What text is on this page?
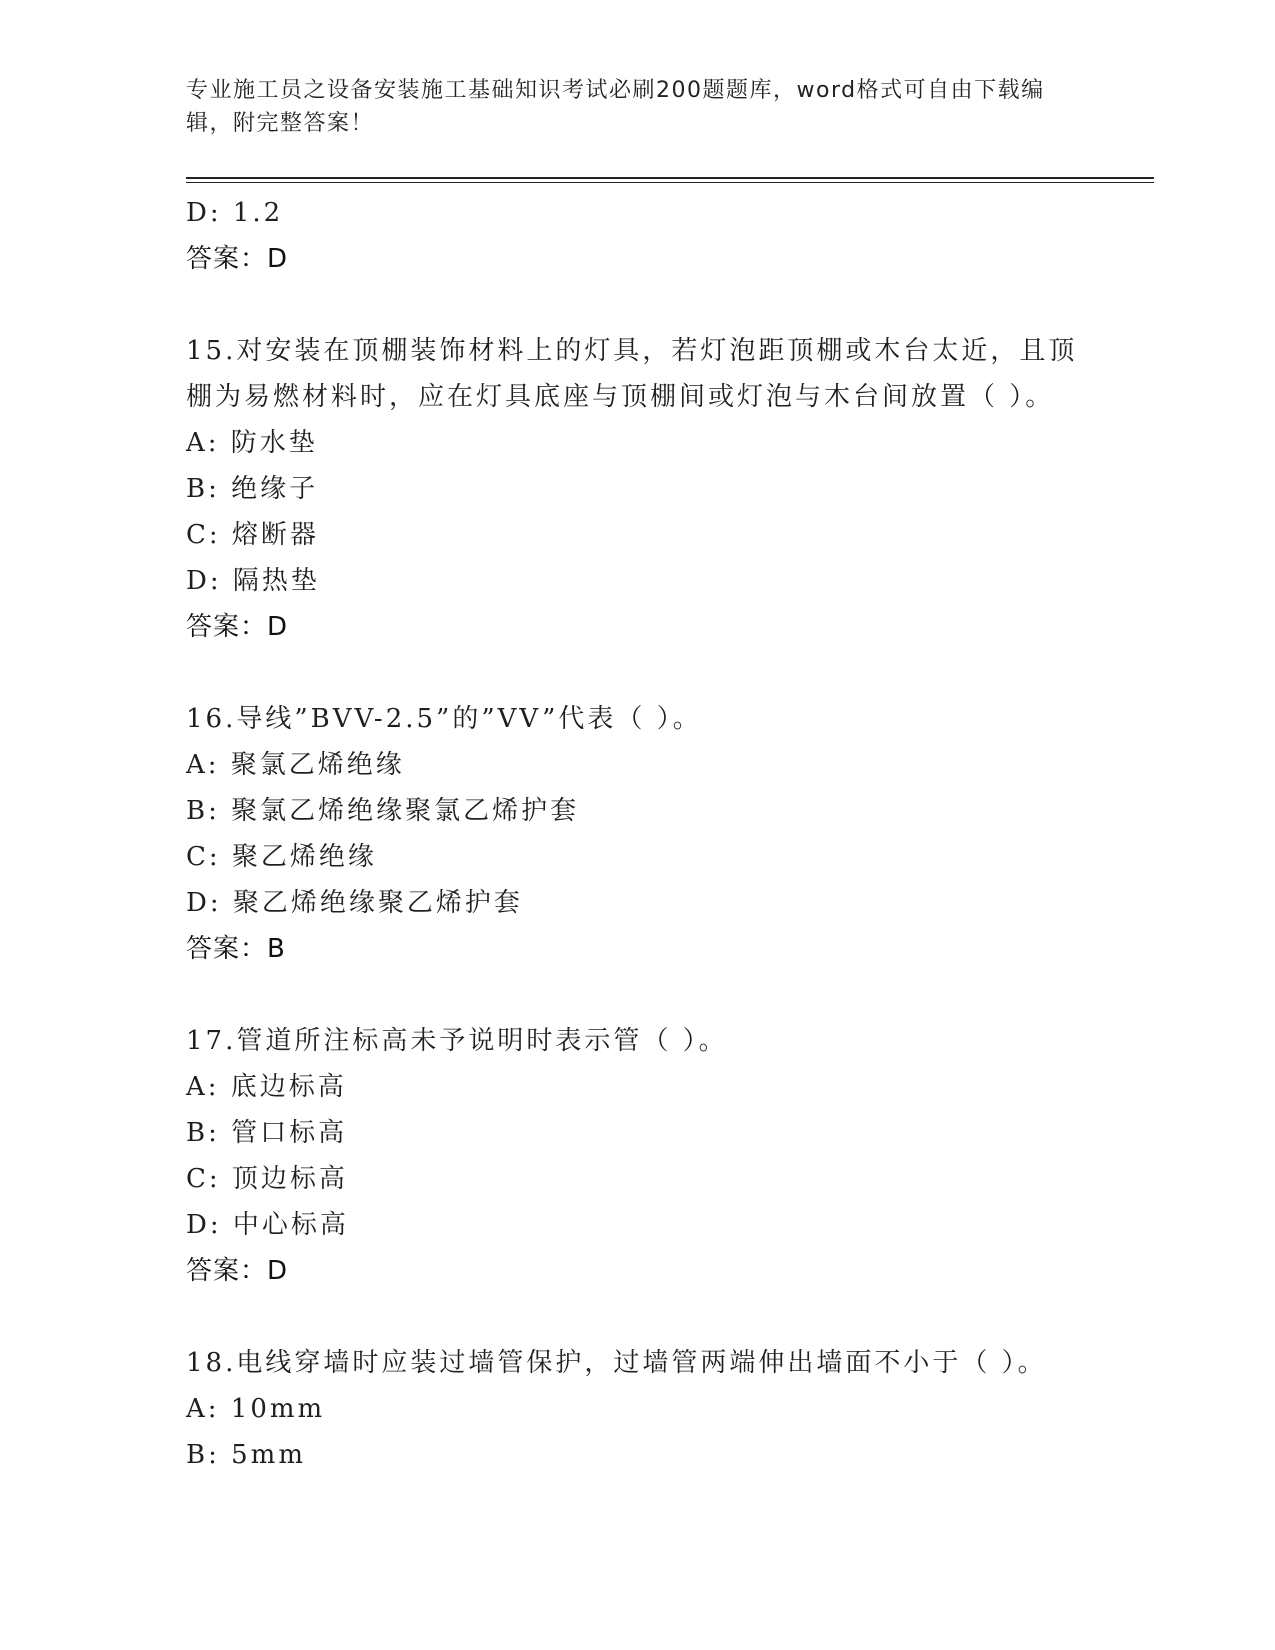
专业施工员之设备安装施工基础知识考试必刷200题题库，word格式可自由下载编辑，附完整答案！
D: 1.2
答案：D
15.对安装在顶棚装饰材料上的灯具，若灯泡距顶棚或木台太近，且顶
棚为易燃材料时，应在灯具底座与顶棚间或灯泡与木台间放置（ ）。
A: 防水垫
B: 绝缘子
C: 熔断器
D: 隔热垫
答案：D
16.导线”BVV-2.5”的”VV”代表（ ）。
A: 聚氯乙烯绝缘
B: 聚氯乙烯绝缘聚氯乙烯护套
C: 聚乙烯绝缘
D: 聚乙烯绝缘聚乙烯护套
答案：B
17.管道所注标高未予说明时表示管（ ）。
A: 底边标高
B: 管口标高
C: 顶边标高
D: 中心标高
答案：D
18.电线穿墙时应装过墙管保护，过墙管两端伸出墙面不小于（ ）。
A: 10mm
B: 5mm
